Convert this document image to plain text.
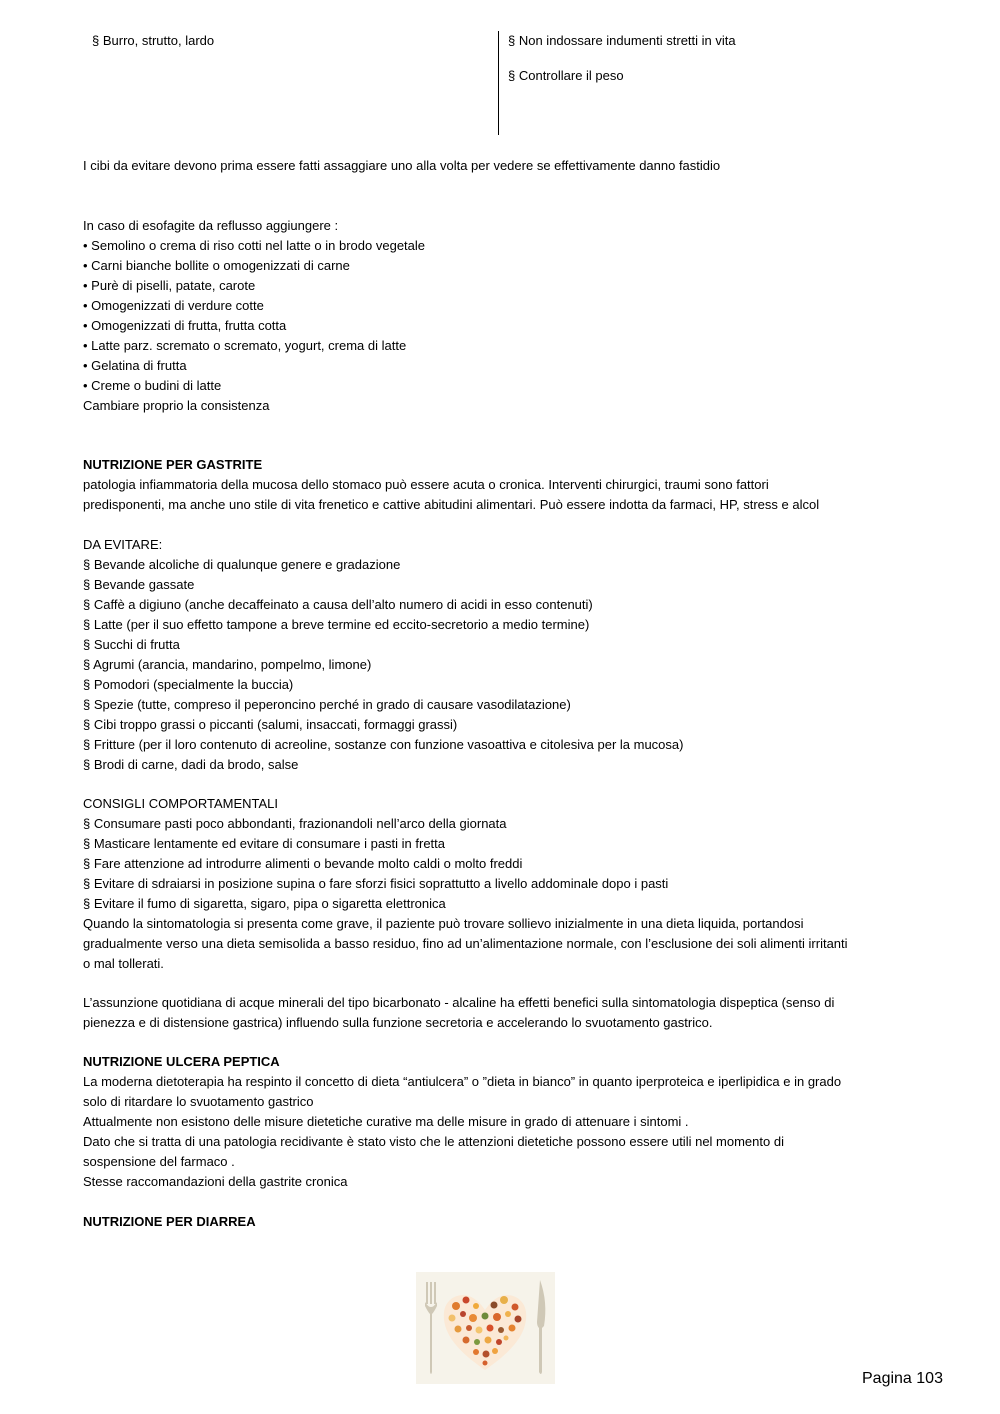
§ Burro, strutto, lardo	§ Non indossare indumenti stretti in vita
§ Controllare il peso
I cibi da evitare devono prima essere fatti assaggiare uno alla volta per vedere se effettivamente danno fastidio
In caso di esofagite da reflusso aggiungere :
• Semolino o crema di riso cotti nel latte o in brodo vegetale
• Carni bianche bollite o omogenizzati di carne
• Purè di piselli, patate, carote
• Omogenizzati di verdure cotte
• Omogenizzati di frutta, frutta cotta
• Latte parz. scremato o scremato, yogurt, crema di latte
• Gelatina di frutta
• Creme o budini di latte
Cambiare proprio la consistenza
NUTRIZIONE PER GASTRITE
patologia infiammatoria della mucosa dello stomaco può essere acuta o cronica. Interventi chirurgici, traumi sono fattori
predisponenti, ma anche uno stile di vita frenetico e cattive abitudini alimentari. Può essere indotta da farmaci, HP, stress e alcol
DA EVITARE:
§ Bevande alcoliche di qualunque genere e gradazione
§ Bevande gassate
§ Caffè a digiuno (anche decaffeinato a causa dell’alto numero di acidi in esso contenuti)
§ Latte (per il suo effetto tampone a breve termine ed eccito-secretorio a medio termine)
§ Succhi di frutta
§ Agrumi (arancia, mandarino, pompelmo, limone)
§ Pomodori (specialmente la buccia)
§ Spezie (tutte, compreso il peperoncino perché in grado di causare vasodilatazione)
§ Cibi troppo grassi o piccanti (salumi, insaccati, formaggi grassi)
§ Fritture (per il loro contenuto di acreoline, sostanze con funzione vasoattiva e citolesiva per la mucosa)
§ Brodi di carne, dadi da brodo, salse
CONSIGLI COMPORTAMENTALI
§ Consumare pasti poco abbondanti, frazionandoli nell’arco della giornata
§ Masticare lentamente ed evitare di consumare i pasti in fretta
§ Fare attenzione ad introdurre alimenti o bevande molto caldi o molto freddi
§ Evitare di sdraiarsi in posizione supina o fare sforzi fisici soprattutto a livello addominale dopo i pasti
§ Evitare il fumo di sigaretta, sigaro, pipa o sigaretta elettronica
Quando la sintomatologia si presenta come grave, il paziente può trovare sollievo inizialmente in una dieta liquida, portandosi
gradualmente verso una dieta semisolida a basso residuo, fino ad un’alimentazione normale, con l’esclusione dei soli alimenti irritanti
o mal tollerati.
L’assunzione quotidiana di acque minerali del tipo bicarbonato - alcaline ha effetti benefici sulla sintomatologia dispeptica (senso di
pienezza e di distensione gastrica) influendo sulla funzione secretoria e accelerando lo svuotamento gastrico.
NUTRIZIONE ULCERA PEPTICA
La moderna dietoterapia ha respinto il concetto di dieta “antiulcera” o ”dieta in bianco” in quanto iperproteica e iperlipidica e in grado
solo di ritardare lo svuotamento gastrico
Attualmente non esistono delle misure dietetiche curative ma delle misure in grado di attenuare i sintomi .
Dato che si tratta di una patologia recidivante è stato visto che le attenzioni dietetiche possono essere utili nel momento di
sospensione del farmaco .
Stesse raccomandazioni della gastrite cronica
NUTRIZIONE PER DIARREA
Pagina 103
